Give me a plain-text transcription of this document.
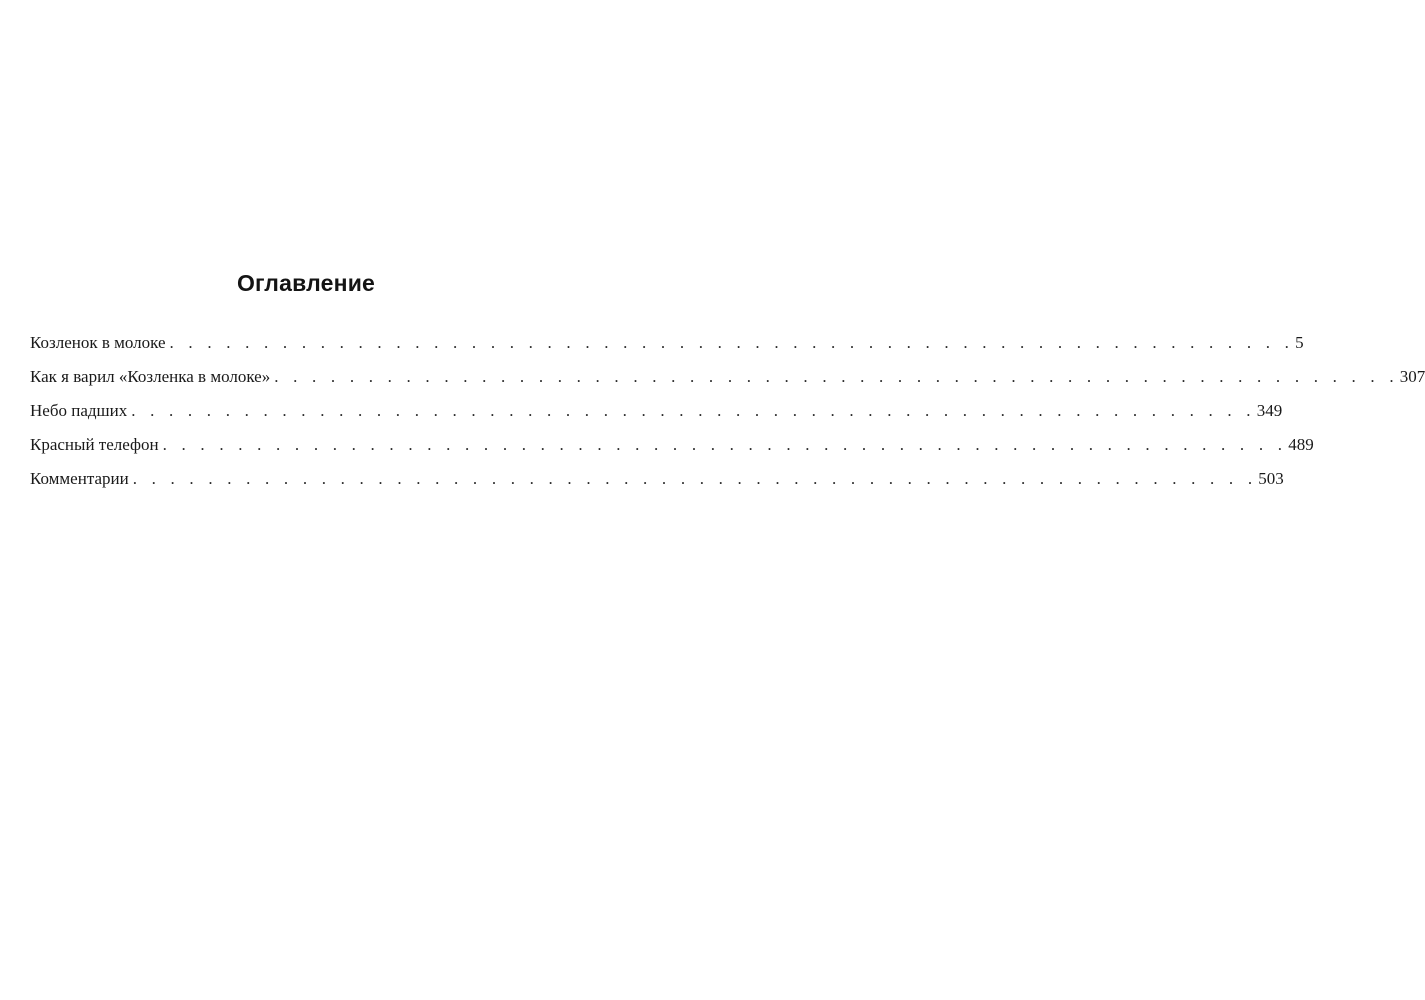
Оглавление
Козленок в молоке . . . . . . . . . . . . . . . . . . . . . . . . . . . . . . . . . . . . . . . . . . . . . . . . . . . . . . . . . . . . 5
Как я варил «Козленка в молоке» . . . . . . . . . . . . . . . . . . . . . . . . . . . . . . . . . . . . . . . . . . . . . . . . . . . . . . . . . . . . 307
Небо падших . . . . . . . . . . . . . . . . . . . . . . . . . . . . . . . . . . . . . . . . . . . . . . . . . . . . . . . . . . . . 349
Красный телефон . . . . . . . . . . . . . . . . . . . . . . . . . . . . . . . . . . . . . . . . . . . . . . . . . . . . . . . . . . . . 489
Комментарии . . . . . . . . . . . . . . . . . . . . . . . . . . . . . . . . . . . . . . . . . . . . . . . . . . . . . . . . . . . . 503
